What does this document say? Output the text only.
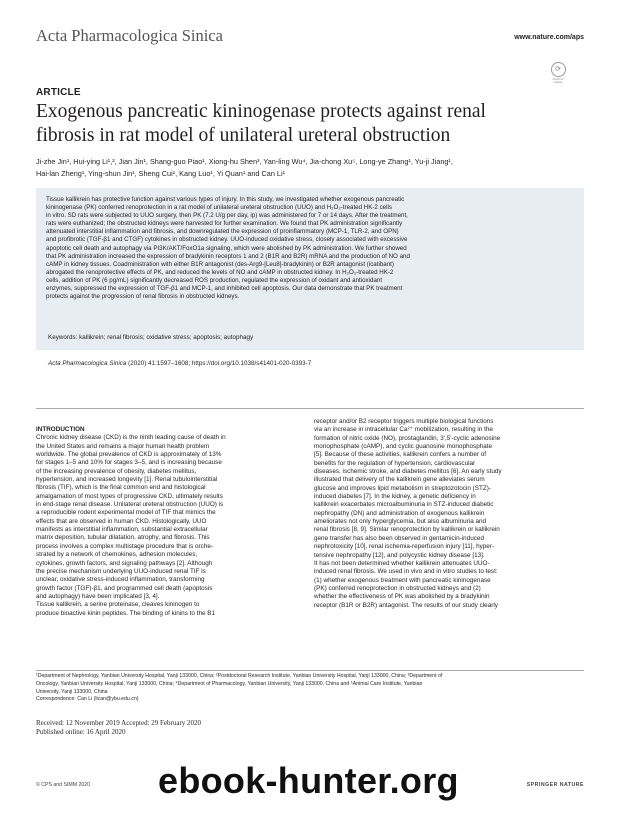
Acta Pharmacologica Sinica	www.nature.com/aps
⟳
Check for updates
ARTICLE
Exogenous pancreatic kininogenase protects against renal
fibrosis in rat model of unilateral ureteral obstruction
Ji-zhe Jin¹, Hui-ying Li¹,², Jian Jin¹, Shang-guo Piao¹, Xiong-hu Shen³, Yan-ling Wu⁴, Jia-chong Xu⁵, Long-ye Zhang¹, Yu-ji Jiang¹,
Hai-lan Zheng¹, Ying-shun Jin¹, Sheng Cui¹, Kang Luo¹, Yi Quan¹ and Can Li¹
Tissue kallikrein has protective function against various types of injury. In this study, we investigated whether exogenous pancreatic
kininogenase (PK) conferred renoprotection in a rat model of unilateral ureteral obstruction (UUO) and H₂O₂-treated HK-2 cells
in vitro. SD rats were subjected to UUO surgery, then PK (7.2 U/g per day, ip) was administered for 7 or 14 days. After the treatment,
rats were euthanized; the obstructed kidneys were harvested for further examination. We found that PK administration significantly
attenuated interstitial inflammation and fibrosis, and downregulated the expression of proinflammatory (MCP-1, TLR-2, and OPN)
and profibrotic (TGF-β1 and CTGF) cytokines in obstructed kidney. UUO-induced oxidative stress, closely associated with excessive
apoptotic cell death and autophagy via PI3K/AKT/FoxO1a signaling, which were abolished by PK administration. We further showed
that PK administration increased the expression of bradykinin receptors 1 and 2 (B1R and B2R) mRNA and the production of NO and
cAMP in kidney tissues. Coadministration with either B1R antagonist (des-Arg9-[Leu8]-bradykinin) or B2R antagonist (icatibant)
abrogated the renoprotective effects of PK, and reduced the levels of NO and cAMP in obstructed kidney. In H₂O₂-treated HK-2
cells, addition of PK (6 pg/mL) significantly decreased ROS production, regulated the expression of oxidant and antioxidant
enzymes, suppressed the expression of TGF-β1 and MCP-1, and inhibited cell apoptosis. Our data demonstrate that PK treatment
protects against the progression of renal fibrosis in obstructed kidneys.
Keywords: kallikrein; renal fibrosis; oxidative stress; apoptosis; autophagy
Acta Pharmacologica Sinica (2020) 41:1597–1608; https://doi.org/10.1038/s41401-020-0393-7
INTRODUCTION
Chronic kidney disease (CKD) is the ninth leading cause of death in
the United States and remains a major human health problem
worldwide. The global prevalence of CKD is approximately of 13%
for stages 1–5 and 10% for stages 3–5, and is increasing because
of the increasing prevalence of obesity, diabetes mellitus,
hypertension, and increased longevity [1]. Renal tubulointerstitial
fibrosis (TIF), which is the final common end and histological
amalgamation of most types of progressive CKD, ultimately results
in end-stage renal disease. Unilateral ureteral obstruction (UUO) is
a reproducible rodent experimental model of TIF that mimics the
effects that are observed in human CKD. Histologically, UUO
manifests as interstitial inflammation, substantial extracellular
matrix deposition, tubular dilatation, atrophy, and fibrosis. This
process involves a complex multistage procedure that is orche-
strated by a network of chemokines, adhesion molecules,
cytokines, growth factors, and signaling pathways [2]. Although
the precise mechanism underlying UUO-induced renal TIF is
unclear, oxidative stress-induced inflammation, transforming
growth factor (TGF)-β1, and programmed cell death (apoptosis
and autophagy) have been implicated [3, 4].
Tissue kallikrein, a serine proteinase, cleaves kininogen to
produce bioactive kinin peptides. The binding of kinins to the B1
receptor and/or B2 receptor triggers multiple biological functions
via an increase in intracellular Ca²⁺ mobilization, resulting in the
formation of nitric oxide (NO), prostaglandin, 3',5'-cyclic adenosine
monophosphate (cAMP), and cyclic guanosine monophosphate
[5]. Because of these activities, kallikrein confers a number of
benefits for the regulation of hypertension, cardiovascular
diseases, ischemic stroke, and diabetes mellitus [6]. An early study
illustrated that delivery of the kallikrein gene alleviates serum
glucose and improves lipid metabolism in streptozotocin (STZ)-
induced diabetes [7]. In the kidney, a genetic deficiency in
kallikrein exacerbates microalbuminuria in STZ-induced diabetic
nephropathy (DN) and administration of exogenous kallikrein
ameliorates not only hyperglycemia, but also albuminuria and
renal fibrosis [8, 9]. Similar renoprotection by kallikrein or kallikrein
gene transfer has also been observed in gentamicin-induced
nephrotoxicity [10], renal ischemia-reperfusion injury [11], hyper-
tensive nephropathy [12], and polycystic kidney disease [13].
It has not been determined whether kallikrein attenuates UUO-
induced renal fibrosis. We used in vivo and in vitro studies to test:
(1) whether exogenous treatment with pancreatic kininogenase
(PK) conferred renoprotection in obstructed kidneys and (2)
whether the effectiveness of PK was abolished by a bradykinin
receptor (B1R or B2R) antagonist. The results of our study clearly
¹Department of Nephrology, Yanbian University Hospital, Yanji 133000, China; ²Postdoctoral Research Institute, Yanbian University Hospital, Yanji 133000, China; ³Department of
Oncology, Yanbian University Hospital, Yanji 133000, China; ⁴Department of Pharmacology, Yanbian University, Yanji 133000, China and ⁵Animal Care Institute, Yanbian
University, Yanji 133000, China
Correspondence: Can Li (lican@ybu.edu.cn)
Received: 12 November 2019 Accepted: 29 February 2020
Published online: 16 April 2020
© CPS and SIMM 2020	SPRINGER NATURE
ebook-hunter.org
